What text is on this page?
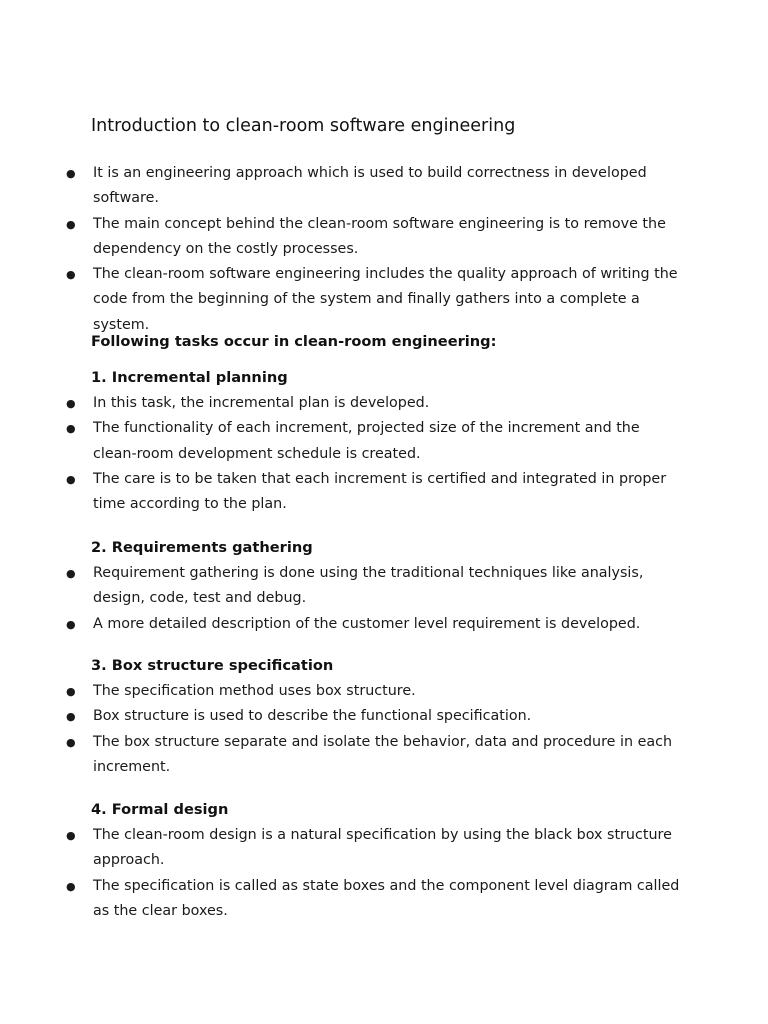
Introduction to clean-room software engineering
●	It is an engineering approach which is used to build correctness in developed software.
●	The main concept behind the clean-room software engineering is to remove the dependency on the costly processes.
●	The clean-room software engineering includes the quality approach of writing the code from the beginning of the system and finally gathers into a complete a system.
Following tasks occur in clean-room engineering:
1. Incremental planning
●	In this task, the incremental plan is developed.
●	The functionality of each increment, projected size of the increment and the clean-room development schedule is created.
●	The care is to be taken that each increment is certified and integrated in proper time according to the plan.
2. Requirements gathering
●	Requirement gathering is done using the traditional techniques like analysis, design, code, test and debug.
●	A more detailed description of the customer level requirement is developed.
3. Box structure specification
●	The specification method uses box structure.
●	Box structure is used to describe the functional specification.
●	The box structure separate and isolate the behavior, data and procedure in each increment.
4. Formal design
●	The clean-room design is a natural specification by using the black box structure approach.
●	The specification is called as state boxes and the component level diagram called as the clear boxes.
